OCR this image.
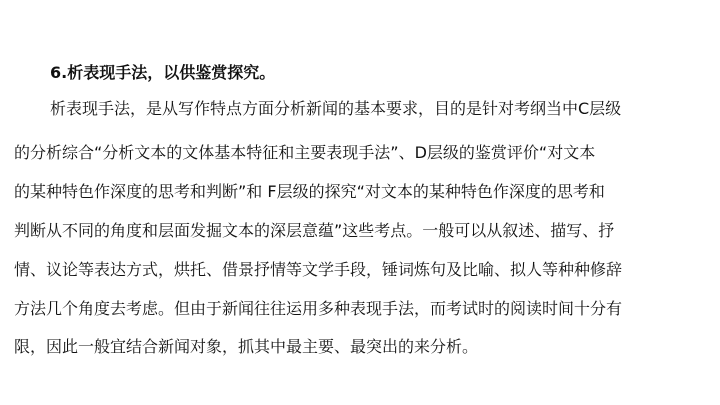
6.析表现手法，以供鉴赏探究。
析表现手法，是从写作特点方面分析新闻的基本要求，目的是针对考纲当中C层级
的分析综合“分析文本的文体基本特征和主要表现手法”、D层级的鉴赏评价“对文本
的某种特色作深度的思考和判断”和 F层级的探究“对文本的某种特色作深度的思考和
判断从不同的角度和层面发掘文本的深层意蕴”这些考点。一般可以从叙述、描写、抒
情、议论等表达方式，烘托、借景抒情等文学手段，锤词炼句及比喻、拟人等种种修辞
方法几个角度去考虑。但由于新闻往往运用多种表现手法，而考试时的阅读时间十分有
限，因此一般宜结合新闻对象，抓其中最主要、最突出的来分析。
